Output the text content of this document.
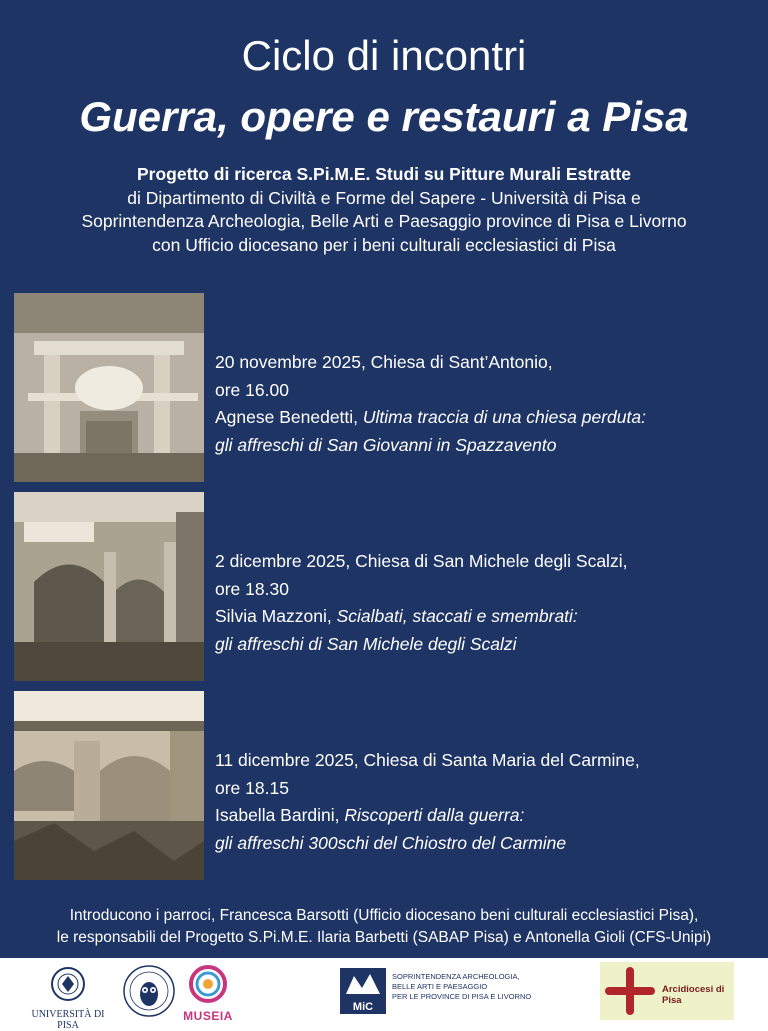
Ciclo di incontri
Guerra, opere e restauri a Pisa
Progetto di ricerca S.Pi.M.E. Studi su Pitture Murali Estratte
di Dipartimento di Civiltà e Forme del Sapere - Università di Pisa e
Soprintendenza Archeologia, Belle Arti e Paesaggio province di Pisa e Livorno
con Ufficio diocesano per i beni culturali ecclesiastici di Pisa
20 novembre 2025, Chiesa di Sant’Antonio,
ore 16.00
Agnese Benedetti, Ultima traccia di una chiesa perduta:
gli affreschi di San Giovanni in Spazzavento
2 dicembre 2025, Chiesa di San Michele degli Scalzi,
ore 18.30
Silvia Mazzoni, Scialbati, staccati e smembrati:
gli affreschi di San Michele degli Scalzi
11 dicembre 2025, Chiesa di Santa Maria del Carmine,
ore 18.15
Isabella Bardini, Riscoperti dalla guerra:
gli affreschi 300schi del Chiostro del Carmine
Introducono i parroci, Francesca Barsotti (Ufficio diocesano beni culturali ecclesiastici Pisa),
le responsabili del Progetto S.Pi.M.E. Ilaria Barbetti (SABAP Pisa) e Antonella Gioli (CFS-Unipi)
UNIVERSITÀ DI PISA
MUSEIA
MiC
SOPRINTENDENZA ARCHEOLOGIA,
BELLE ARTI E PAESAGGIO
PER LE PROVINCE DI PISA E LIVORNO
Arcidiocesi di Pisa
